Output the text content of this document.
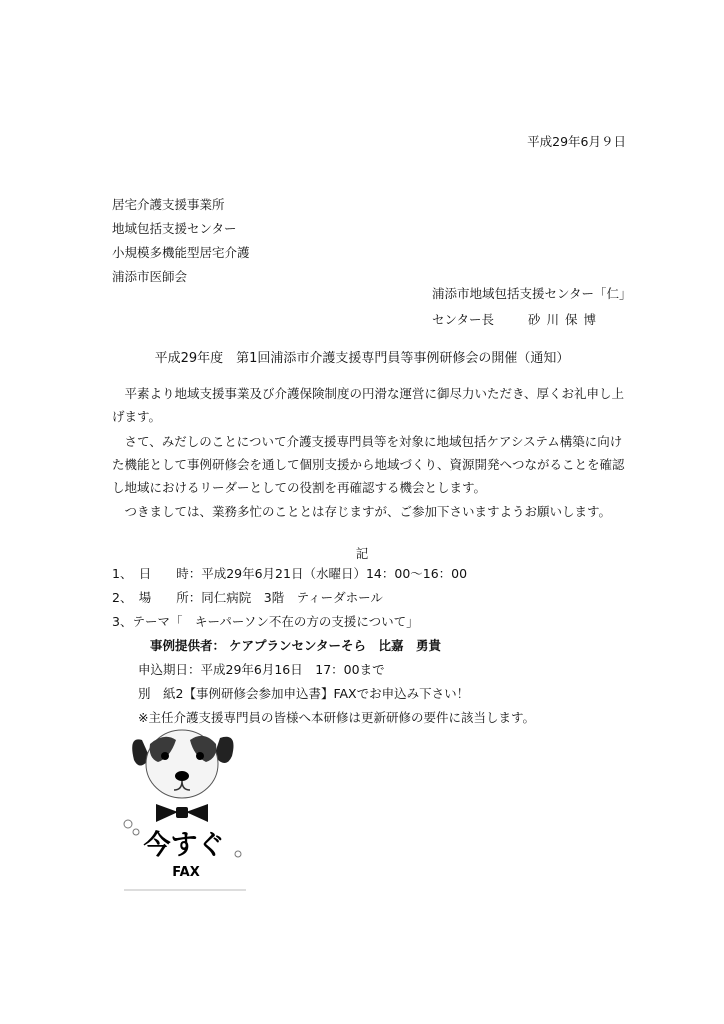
平成29年6月９日
居宅介護支援事業所
地域包括支援センター
小規模多機能型居宅介護
浦添市医師会
浦添市地域包括支援センター「仁」
センター長	砂川保博
平成29年度　第1回浦添市介護支援専門員等事例研修会の開催（通知）
　平素より地域支援事業及び介護保険制度の円滑な運営に御尽力いただき、厚くお礼申し上げます。
　さて、みだしのことについて介護支援専門員等を対象に地域包括ケアシステム構築に向けた機能として事例研修会を通して個別支援から地域づくり、資源開発へつながることを確認し地域におけるリーダーとしての役割を再確認する機会とします。
　つきましては、業務多忙のこととは存じますが、ご参加下さいますようお願いします。
記
1、　日　　時：平成29年6月21日（水曜日）14：00～16：00
2、　場　　所：同仁病院　3階　ティーダホール
3、テーマ「　キーパーソン不在の方の支援について」
事例提供者： ケアプランセンターそら　比嘉　勇貴
申込期日：平成29年6月16日　17：00まで
別　紙2【事例研修会参加申込書】FAXでお申込み下さい！
※主任介護支援専門員の皆様へ本研修は更新研修の要件に該当します。
今すぐ
FAX
